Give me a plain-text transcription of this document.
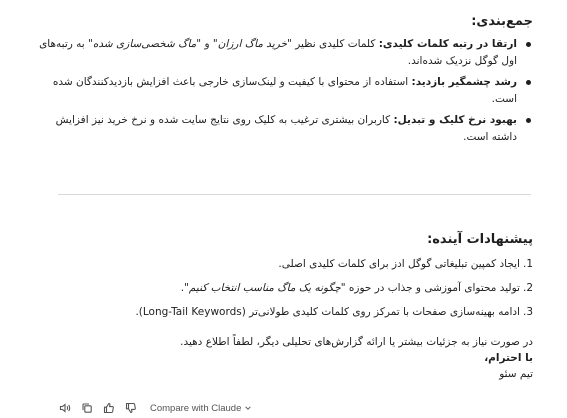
جمع‌بندی:
ارتقا در رتبه کلمات کلیدی: کلمات کلیدی نظیر "خرید ماگ ارزان" و "ماگ شخصی‌سازی شده" به رتبه‌های اول گوگل نزدیک شده‌اند.
رشد چشمگیر بازدید: استفاده از محتوای با کیفیت و لینک‌سازی خارجی باعث افزایش بازدیدکنندگان شده است.
بهبود نرخ کلیک و تبدیل: کاربران بیشتری ترغیب به کلیک روی نتایج سایت شده و نرخ خرید نیز افزایش داشته است.
پیشنهادات آینده:
1.ایجاد کمپین تبلیغاتی گوگل ادز برای کلمات کلیدی اصلی.
2.تولید محتوای آموزشی و جذاب در حوزه "چگونه یک ماگ مناسب انتخاب کنیم".
3.ادامه بهینه‌سازی صفحات با تمرکز روی کلمات کلیدی طولانی‌تر (Long-Tail Keywords).
در صورت نیاز به جزئیات بیشتر یا ارائه گزارش‌های تحلیلی دیگر، لطفاً اطلاع دهید.
با احترام،
تیم سئو
Compare with Claude
